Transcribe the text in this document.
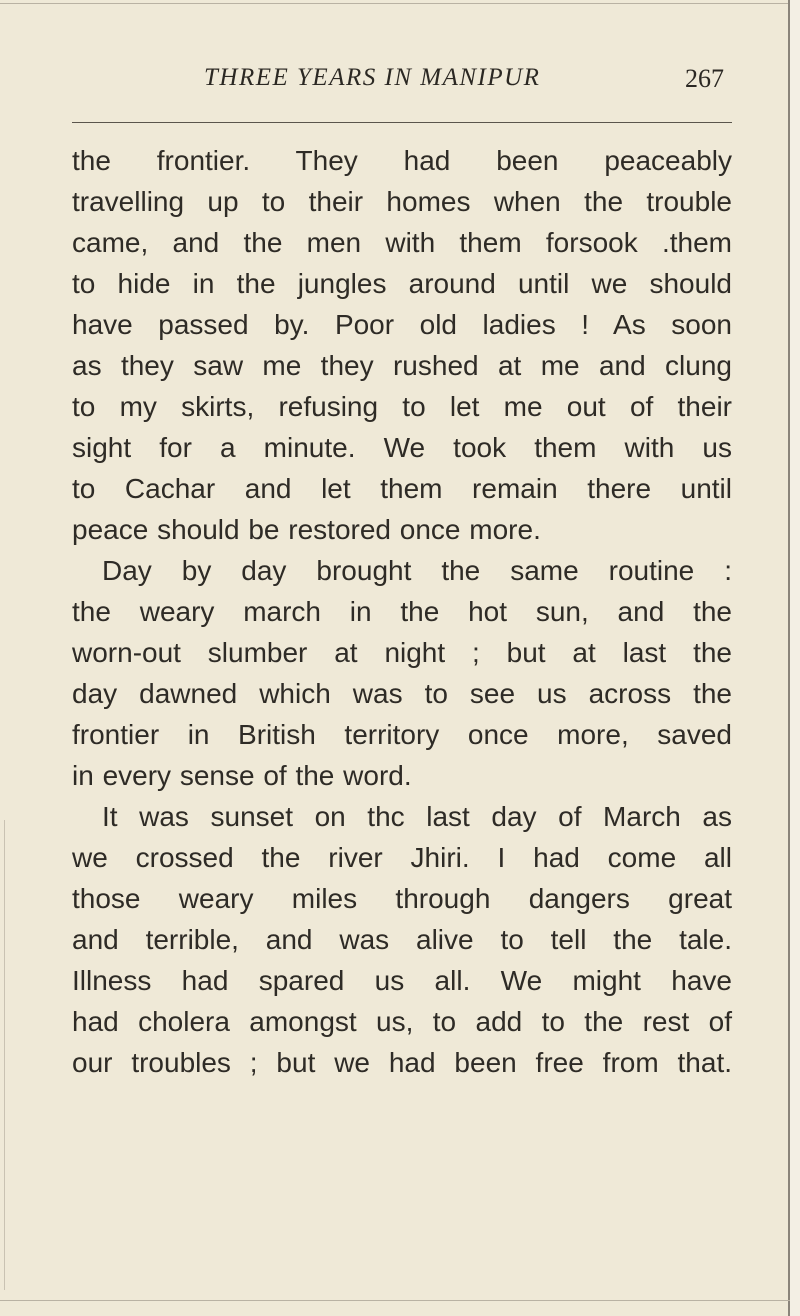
THREE YEARS IN MANIPUR	267
the frontier. They had been peaceably
travelling up to their homes when the trouble
came, and the men with them forsook .them
to hide in the jungles around until we should
have passed by. Poor old ladies ! As soon
as they saw me they rushed at me and clung
to my skirts, refusing to let me out of their
sight for a minute. We took them with us
to Cachar and let them remain there until
peace should be restored once more.
Day by day brought the same routine :
the weary march in the hot sun, and the
worn-out slumber at night ; but at last the
day dawned which was to see us across the
frontier in British territory once more, saved
in every sense of the word.
It was sunset on thc last day of March as
we crossed the river Jhiri. I had come all
those weary miles through dangers great
and terrible, and was alive to tell the tale.
Illness had spared us all. We might have
had cholera amongst us, to add to the rest of
our troubles ; but we had been free from that.
